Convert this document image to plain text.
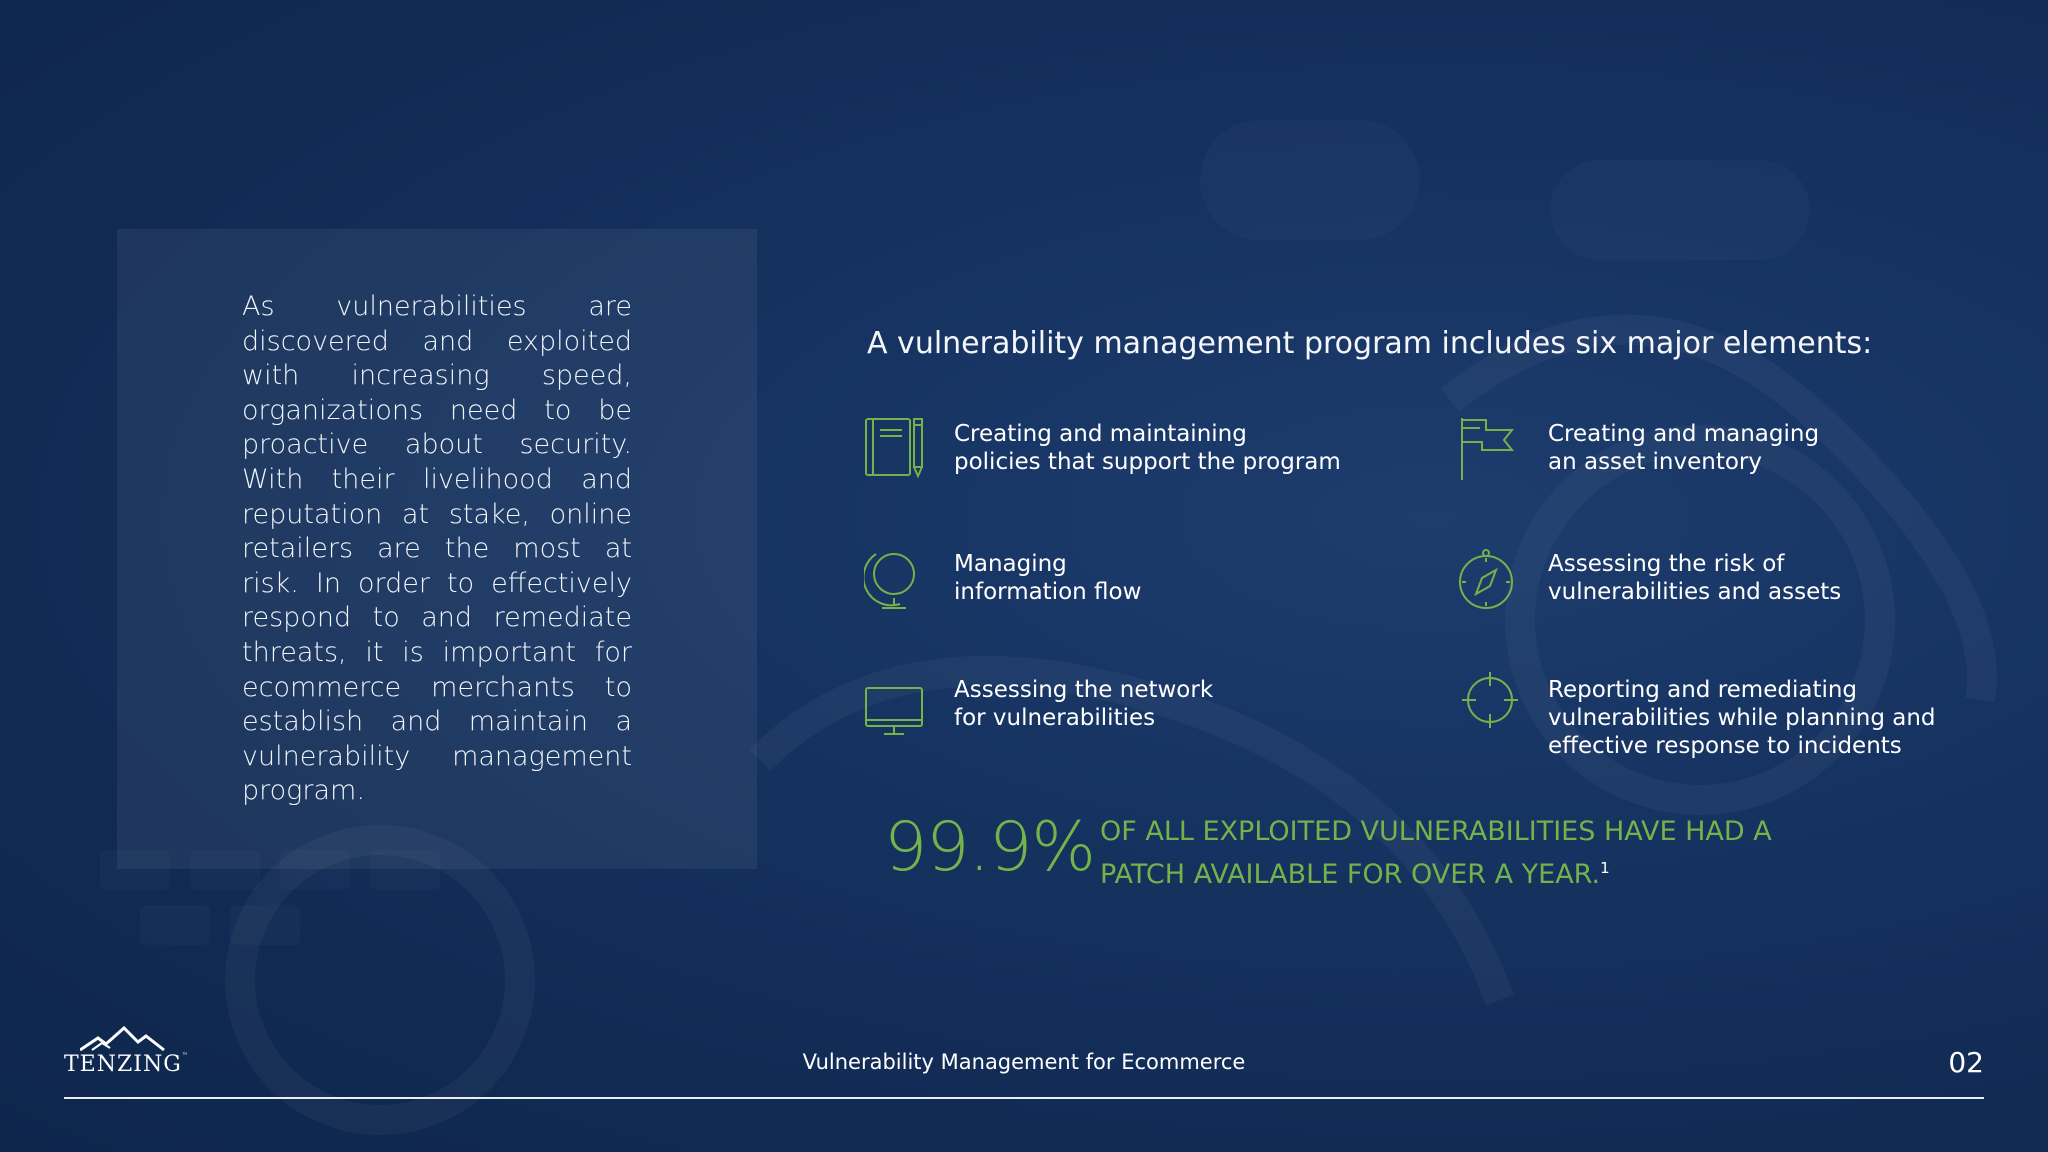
As vulnerabilities are discovered and exploited with increasing speed, organizations need to be proactive about security. With their livelihood and reputation at stake, online retailers are the most at risk. In order to effectively respond to and remediate threats, it is important for ecommerce merchants to establish and maintain a vulnerability management program.
A vulnerability management program includes six major elements:
Creating and maintaining
policies that support the program
Creating and managing
an asset inventory
Managing
information flow
Assessing the risk of
vulnerabilities and assets
Assessing the network
for vulnerabilities
Reporting and remediating
vulnerabilities while planning and
effective response to incidents
99.9% OF ALL EXPLOITED VULNERABILITIES HAVE HAD A PATCH AVAILABLE FOR OVER A YEAR.$^1$
TENZING™	Vulnerability Management for Ecommerce	02
